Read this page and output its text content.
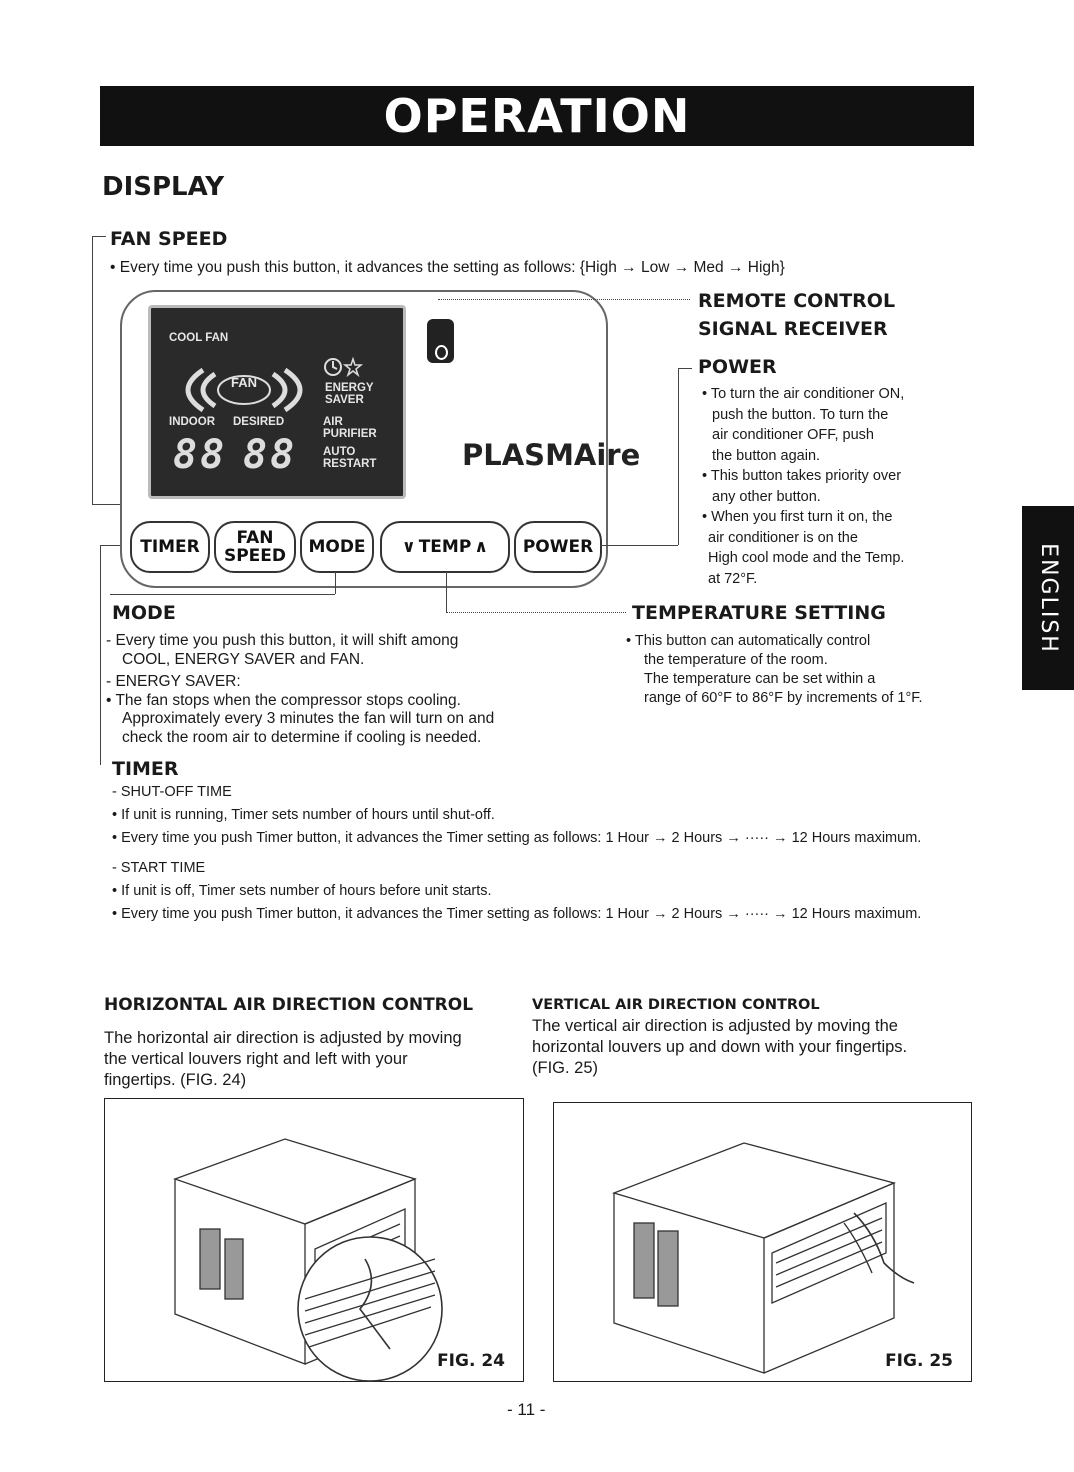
OPERATION
DISPLAY
ENGLISH
FAN SPEED
• Every time you push this button, it advances the setting as follows: {High → Low → Med → High}
COOL FAN
FAN	ENERGY
SAVER
INDOOR DESIRED	AIR
PURIFIER
AUTO
RESTART
88 88	PLASMAire
TIMER FAN
SPEED MODE ∨ TEMP ∧ POWER
REMOTE CONTROL
SIGNAL RECEIVER
POWER
• To turn the air conditioner ON,
push the button. To turn the
air conditioner OFF, push
the button again.
• This button takes priority over
any other button.
• When you first turn it on, the
air conditioner is on the
High cool mode and the Temp.
at 72°F.
MODE
- Every time you push this button, it will shift among
COOL, ENERGY SAVER and FAN.
- ENERGY SAVER:
• The fan stops when the compressor stops cooling.
Approximately every 3 minutes the fan will turn on and
check the room air to determine if cooling is needed.
TEMPERATURE SETTING
• This button can automatically control
the temperature of the room.
The temperature can be set within a
range of 60°F to 86°F by increments of 1°F.
TIMER
- SHUT-OFF TIME
• If unit is running, Timer sets number of hours until shut-off.
• Every time you push Timer button, it advances the Timer setting as follows: 1 Hour → 2 Hours → ····· → 12 Hours maximum.
- START TIME
• If unit is off, Timer sets number of hours before unit starts.
• Every time you push Timer button, it advances the Timer setting as follows: 1 Hour → 2 Hours → ····· → 12 Hours maximum.
HORIZONTAL AIR DIRECTION CONTROL
The horizontal air direction is adjusted by moving
the vertical louvers right and left with your
fingertips. (FIG. 24)
VERTICAL AIR DIRECTION CONTROL
The vertical air direction is adjusted by moving the
horizontal louvers up and down with your fingertips.
(FIG. 25)
FIG. 24	FIG. 25
- 11 -
